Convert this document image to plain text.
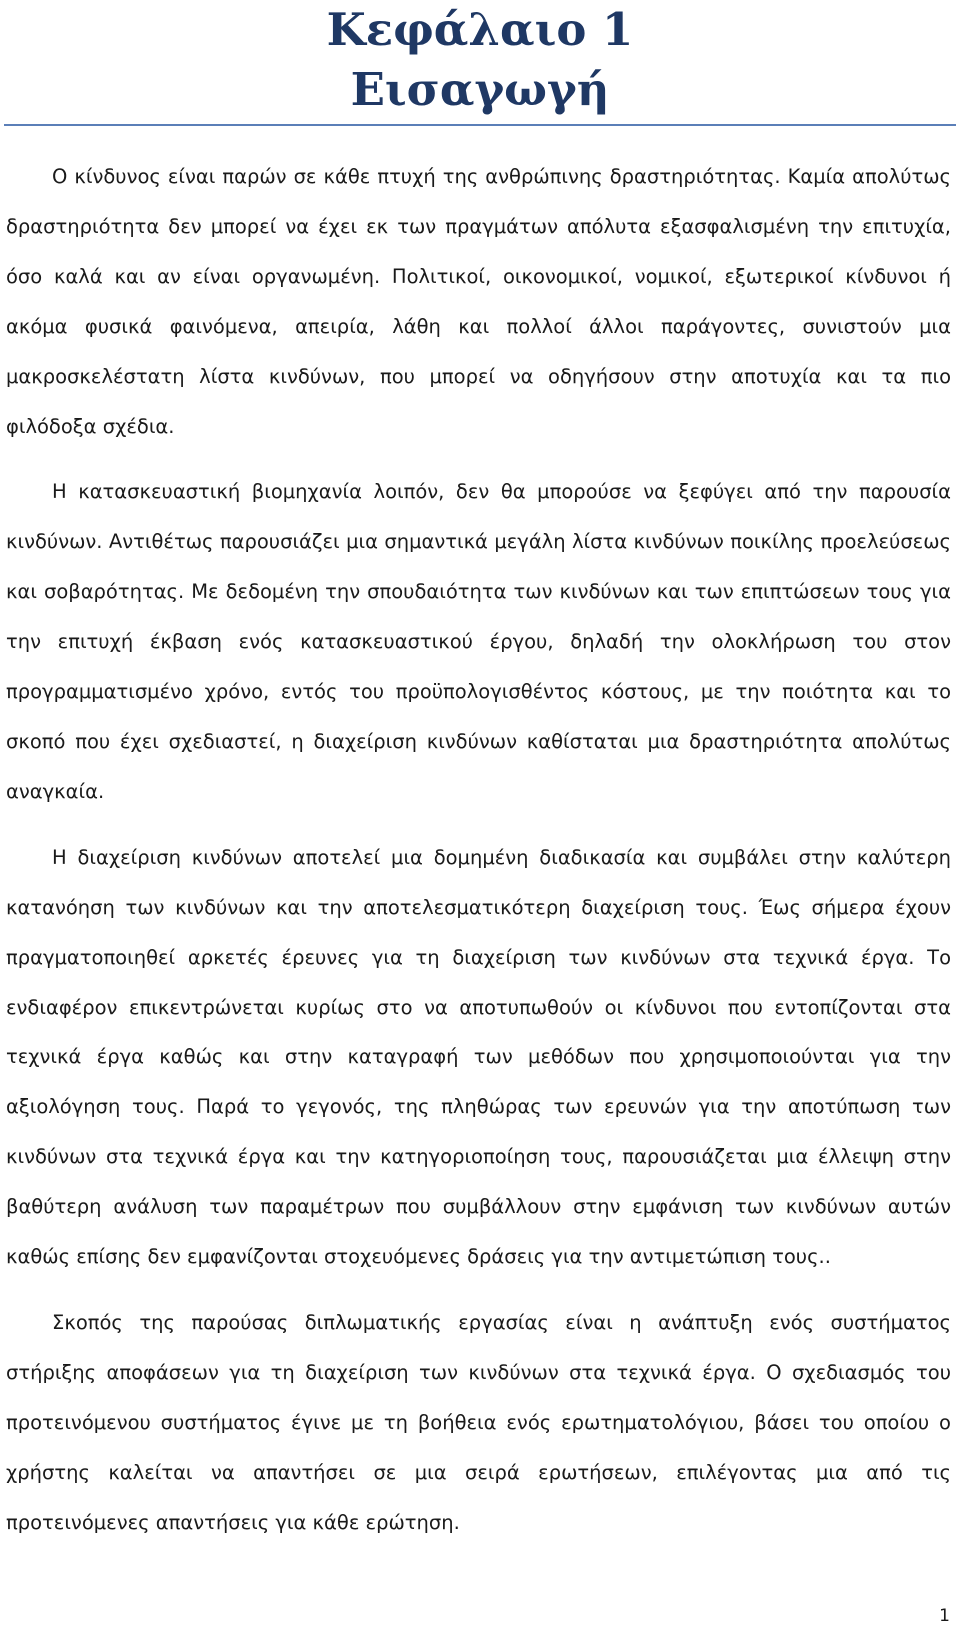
Κεφάλαιο 1
Εισαγωγή

Ο κίνδυνος είναι παρών σε κάθε πτυχή της ανθρώπινης δραστηριότητας. Καμία απολύτως δραστηριότητα δεν μπορεί να έχει εκ των πραγμάτων απόλυτα εξασφαλισμένη την επιτυχία, όσο καλά και αν είναι οργανωμένη. Πολιτικοί, οικονομικοί, νομικοί, εξωτερικοί κίνδυνοι ή ακόμα φυσικά φαινόμενα, απειρία, λάθη και πολλοί άλλοι παράγοντες, συνιστούν μια μακροσκελέστατη λίστα κινδύνων, που μπορεί να οδηγήσουν στην αποτυχία και τα πιο φιλόδοξα σχέδια.

Η κατασκευαστική βιομηχανία λοιπόν, δεν θα μπορούσε να ξεφύγει από την παρουσία κινδύνων. Αντιθέτως παρουσιάζει μια σημαντικά μεγάλη λίστα κινδύνων ποικίλης προελεύσεως και σοβαρότητας. Με δεδομένη την σπουδαιότητα των κινδύνων και των επιπτώσεων τους για την επιτυχή έκβαση ενός κατασκευαστικού έργου, δηλαδή την ολοκλήρωση του στον προγραμματισμένο χρόνο, εντός του προϋπολογισθέντος κόστους, με την ποιότητα και το σκοπό που έχει σχεδιαστεί, η διαχείριση κινδύνων καθίσταται μια δραστηριότητα απολύτως αναγκαία.

Η διαχείριση κινδύνων αποτελεί μια δομημένη διαδικασία και συμβάλει στην καλύτερη κατανόηση των κινδύνων και την αποτελεσματικότερη διαχείριση τους. Έως σήμερα έχουν πραγματοποιηθεί αρκετές έρευνες για τη διαχείριση των κινδύνων στα τεχνικά έργα. Το ενδιαφέρον επικεντρώνεται κυρίως στο να αποτυπωθούν οι κίνδυνοι που εντοπίζονται στα τεχνικά έργα καθώς και στην καταγραφή των μεθόδων που χρησιμοποιούνται για την αξιολόγηση τους. Παρά το γεγονός, της πληθώρας των ερευνών για την αποτύπωση των κινδύνων στα τεχνικά έργα και την κατηγοριοποίηση τους, παρουσιάζεται μια έλλειψη στην βαθύτερη ανάλυση των παραμέτρων που συμβάλλουν στην εμφάνιση των κινδύνων αυτών καθώς επίσης δεν εμφανίζονται στοχευόμενες δράσεις για την αντιμετώπιση τους..

Σκοπός της παρούσας διπλωματικής εργασίας είναι η ανάπτυξη ενός συστήματος στήριξης αποφάσεων για τη διαχείριση των κινδύνων στα τεχνικά έργα. Ο σχεδιασμός του προτεινόμενου συστήματος έγινε με τη βοήθεια ενός ερωτηματολόγιου, βάσει του οποίου ο χρήστης καλείται να απαντήσει σε μια σειρά ερωτήσεων, επιλέγοντας μια από τις προτεινόμενες απαντήσεις για κάθε ερώτηση.

1
